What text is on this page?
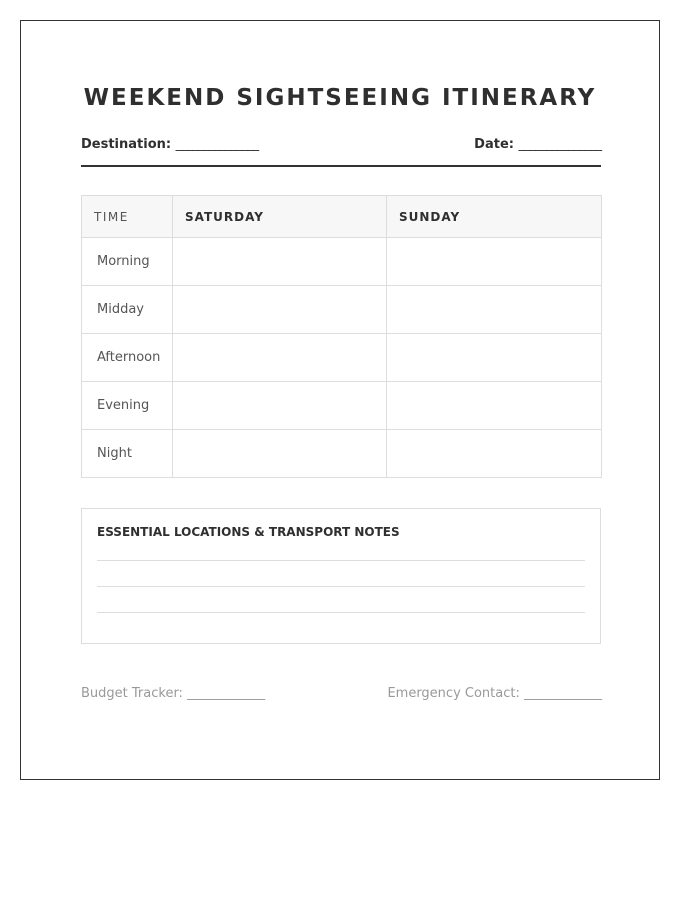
WEEKEND SIGHTSEEING ITINERARY
Destination: _______________	Date: _______________
TIME	SATURDAY	SUNDAY
Morning		
Midday		
Afternoon		
Evening		
Night		
ESSENTIAL LOCATIONS & TRANSPORT NOTES
Budget Tracker: ______________	Emergency Contact: ______________
